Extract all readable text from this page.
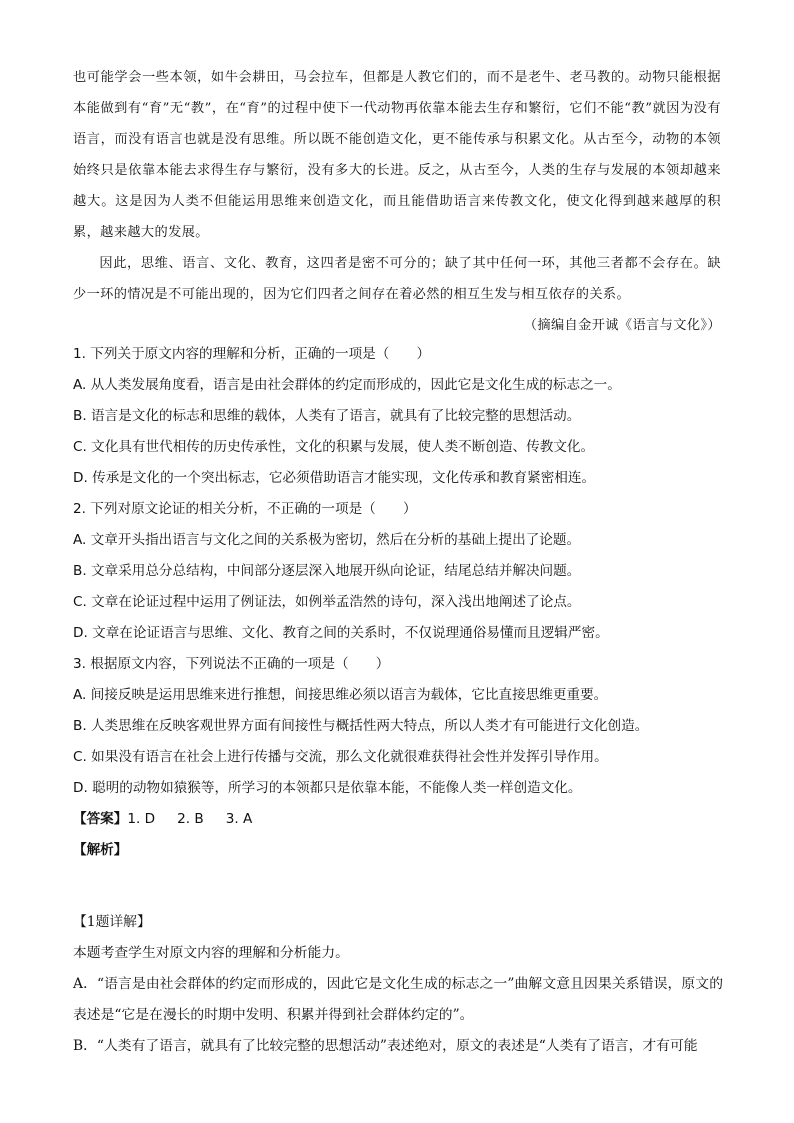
也可能学会一些本领，如牛会耕田，马会拉车，但都是人教它们的，而不是老牛、老马教的。动物只能根据本能做到有“育”无“教”，在“育”的过程中使下一代动物再依靠本能去生存和繁衍，它们不能“教”就因为没有语言，而没有语言也就是没有思维。所以既不能创造文化，更不能传承与积累文化。从古至今，动物的本领始终只是依靠本能去求得生存与繁衍，没有多大的长进。反之，从古至今，人类的生存与发展的本领却越来越大。这是因为人类不但能运用思维来创造文化，而且能借助语言来传教文化，使文化得到越来越厚的积累，越来越大的发展。

因此，思维、语言、文化、教育，这四者是密不可分的；缺了其中任何一环，其他三者都不会存在。缺少一环的情况是不可能出现的，因为它们四者之间存在着必然的相互生发与相互依存的关系。

（摘编自金开诚《语言与文化》）

1. 下列关于原文内容的理解和分析，正确的一项是（　　）

A. 从人类发展角度看，语言是由社会群体的约定而形成的，因此它是文化生成的标志之一。

B. 语言是文化的标志和思维的载体，人类有了语言，就具有了比较完整的思想活动。

C. 文化具有世代相传的历史传承性，文化的积累与发展，使人类不断创造、传教文化。

D. 传承是文化的一个突出标志，它必须借助语言才能实现，文化传承和教育紧密相连。

2. 下列对原文论证的相关分析，不正确的一项是（　　）

A. 文章开头指出语言与文化之间的关系极为密切，然后在分析的基础上提出了论题。

B. 文章采用总分总结构，中间部分逐层深入地展开纵向论证，结尾总结并解决问题。

C. 文章在论证过程中运用了例证法，如例举孟浩然的诗句，深入浅出地阐述了论点。

D. 文章在论证语言与思维、文化、教育之间的关系时，不仅说理通俗易懂而且逻辑严密。

3. 根据原文内容，下列说法不正确的一项是（　　）

A. 间接反映是运用思维来进行推想，间接思维必须以语言为载体，它比直接思维更重要。

B. 人类思维在反映客观世界方面有间接性与概括性两大特点，所以人类才有可能进行文化创造。

C. 如果没有语言在社会上进行传播与交流，那么文化就很难获得社会性并发挥引导作用。

D. 聪明的动物如猿猴等，所学习的本领都只是依靠本能，不能像人类一样创造文化。

【答案】1. D 2. B 3. A

【解析】

【1题详解】

本题考查学生对原文内容的理解和分析能力。

A．“语言是由社会群体的约定而形成的，因此它是文化生成的标志之一”曲解文意且因果关系错误，原文的表述是“它是在漫长的时期中发明、积累并得到社会群体约定的”。

B．“人类有了语言，就具有了比较完整的思想活动”表述绝对，原文的表述是“人类有了语言，才有可能
